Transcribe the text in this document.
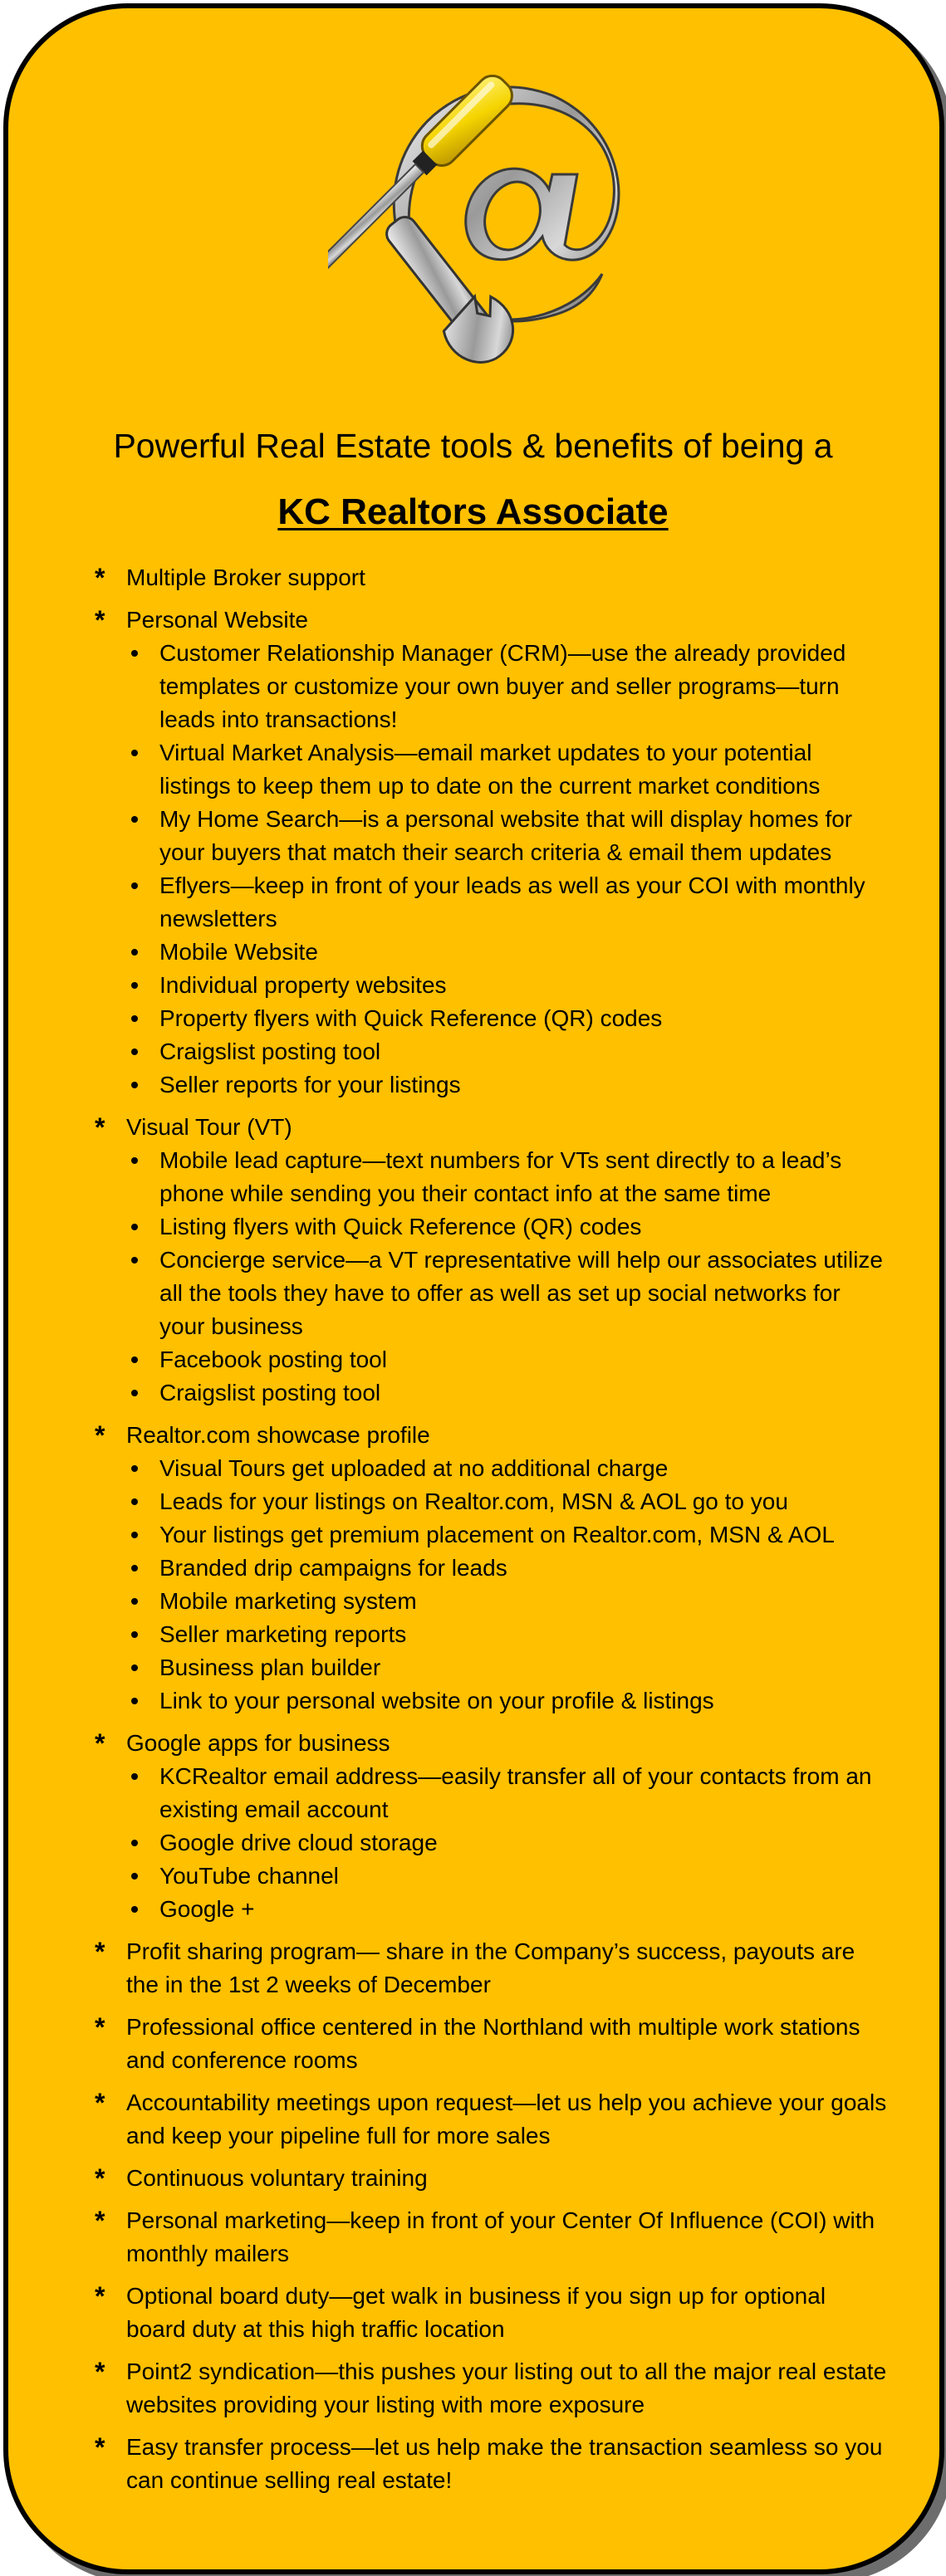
Powerful Real Estate tools & benefits of being a
KC Realtors Associate
* Multiple Broker support
* Personal Website
Customer Relationship Manager (CRM)—use the already provided templates or customize your own buyer and seller programs—turn leads into transactions!
Virtual Market Analysis—email market updates to your potential listings to keep them up to date on the current market conditions
My Home Search—is a personal website that will display homes for your buyers that match their search criteria & email them updates
Eflyers—keep in front of your leads as well as your COI with monthly newsletters
Mobile Website
Individual property websites
Property flyers with Quick Reference (QR) codes
Craigslist posting tool
Seller reports for your listings
* Visual Tour (VT)
Mobile lead capture—text numbers for VTs sent directly to a lead’s phone while sending you their contact info at the same time
Listing flyers with Quick Reference (QR) codes
Concierge service—a VT representative will help our associates utilize all the tools they have to offer as well as set up social networks for your business
Facebook posting tool
Craigslist posting tool
* Realtor.com showcase profile
Visual Tours get uploaded at no additional charge
Leads for your listings on Realtor.com, MSN & AOL go to you
Your listings get premium placement on Realtor.com, MSN & AOL
Branded drip campaigns for leads
Mobile marketing system
Seller marketing reports
Business plan builder
Link to your personal website on your profile & listings
* Google apps for business
KCRealtor email address—easily transfer all of your contacts from an existing email account
Google drive cloud storage
YouTube channel
Google +
* Profit sharing program— share in the Company’s success, payouts are the in the 1st 2 weeks of December
* Professional office centered in the Northland with multiple work stations and conference rooms
* Accountability meetings upon request—let us help you achieve your goals and keep your pipeline full for more sales
* Continuous voluntary training
* Personal marketing—keep in front of your Center Of Influence (COI) with monthly mailers
* Optional board duty—get walk in business if you sign up for optional board duty at this high traffic location
* Point2 syndication—this pushes your listing out to all the major real estate websites providing your listing with more exposure
* Easy transfer process—let us help make the transaction seamless so you can continue selling real estate!
